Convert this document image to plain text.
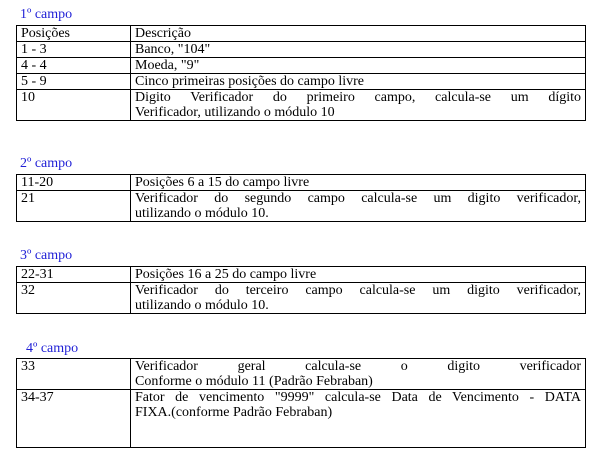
1º campo
Posições	Descrição
1 - 3	Banco, "104"
4 - 4	Moeda, "9"
5 - 9	Cinco primeiras posições do campo livre
10	Digito Verificador do primeiro campo, calcula-se um dígito
Verificador, utilizando o módulo 10
2º campo
11-20	Posições 6 a 15 do campo livre
21	Verificador do segundo campo calcula-se um digito verificador,
utilizando o módulo 10.
3º campo
22-31	Posições 16 a 25 do campo livre
32	Verificador do terceiro campo calcula-se um digito verificador,
utilizando o módulo 10.
4º campo
33	Verificador geral calcula-se o digito verificador
Conforme o módulo 11 (Padrão Febraban)

34-37	Fator de vencimento "9999" calcula-se Data de Vencimento - DATA
FIXA.(conforme Padrão Febraban)
